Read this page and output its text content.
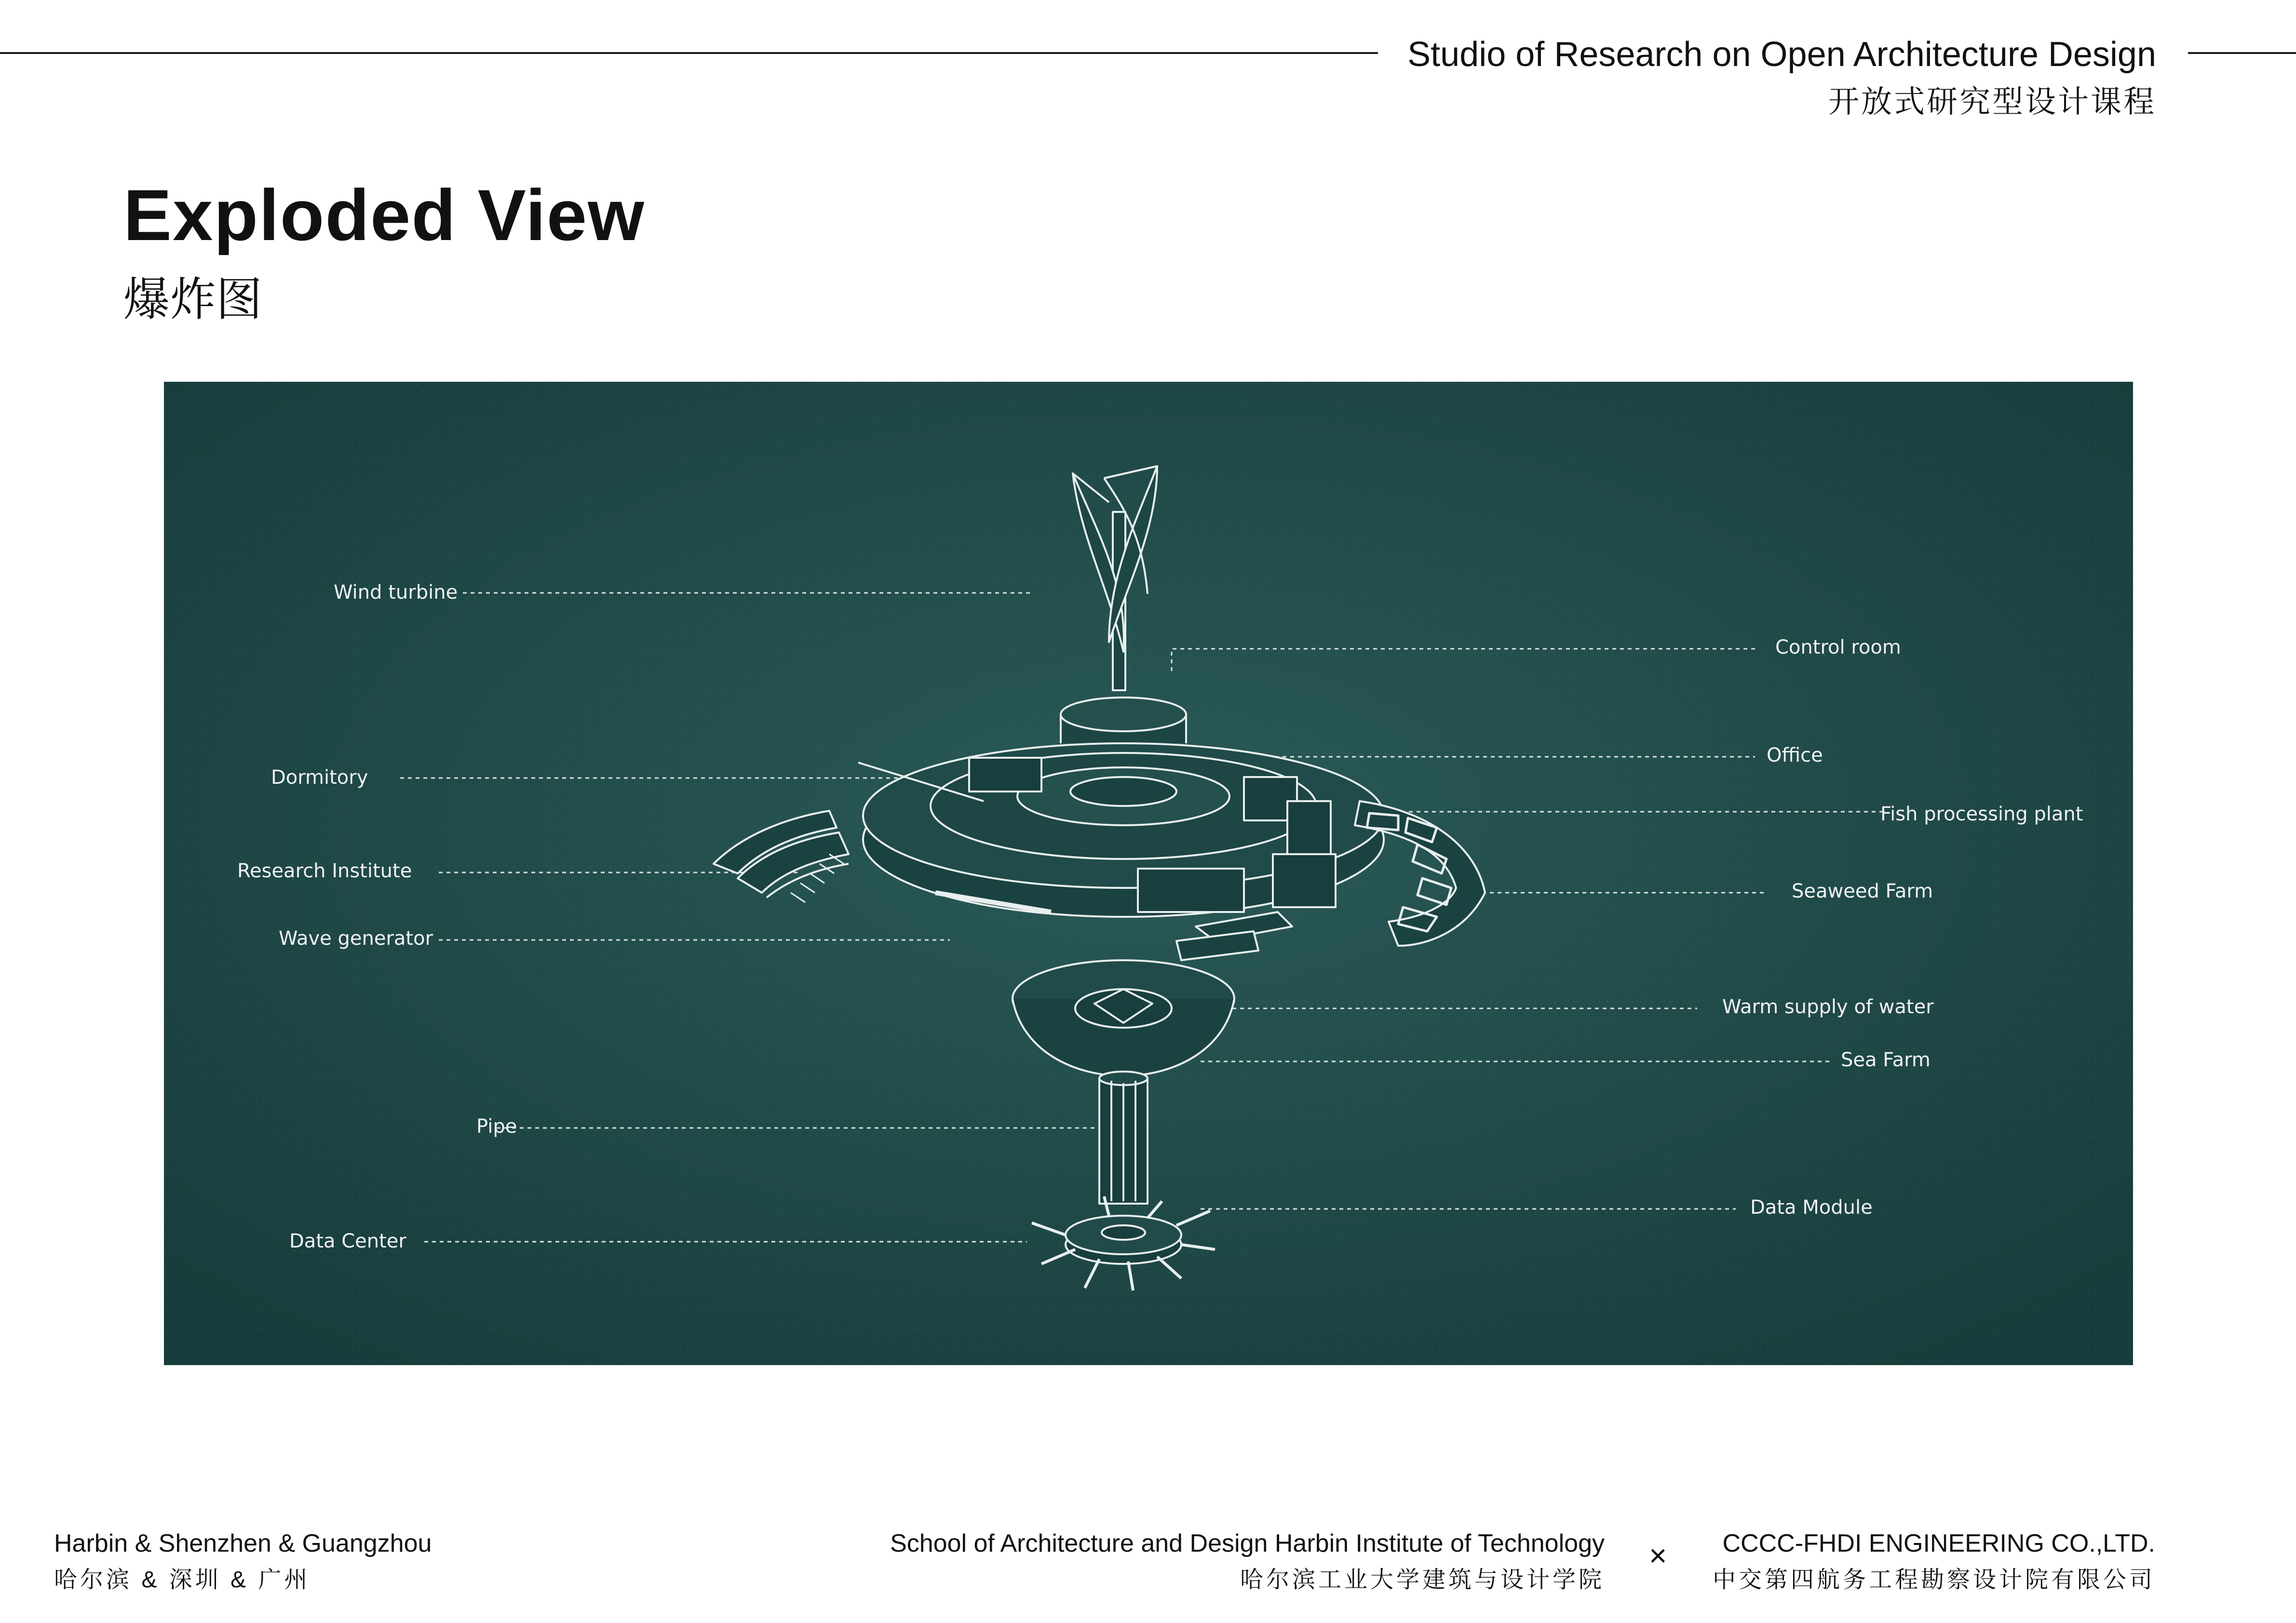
Studio of Research on Open Architecture Design
开放式研究型设计课程
Exploded View
爆炸图
Wind turbine
Dormitory
Research Institute
Wave generator
Pipe
Data Center
Control room
Office
Fish processing plant
Seaweed Farm
Warm supply of water
Sea Farm
Data Module
Harbin & Shenzhen & Guangzhou
哈尔滨 & 深圳 & 广州
School of Architecture and Design Harbin Institute of Technology
哈尔滨工业大学建筑与设计学院
× CCCC-FHDI ENGINEERING CO.,LTD.
中交第四航务工程勘察设计院有限公司
